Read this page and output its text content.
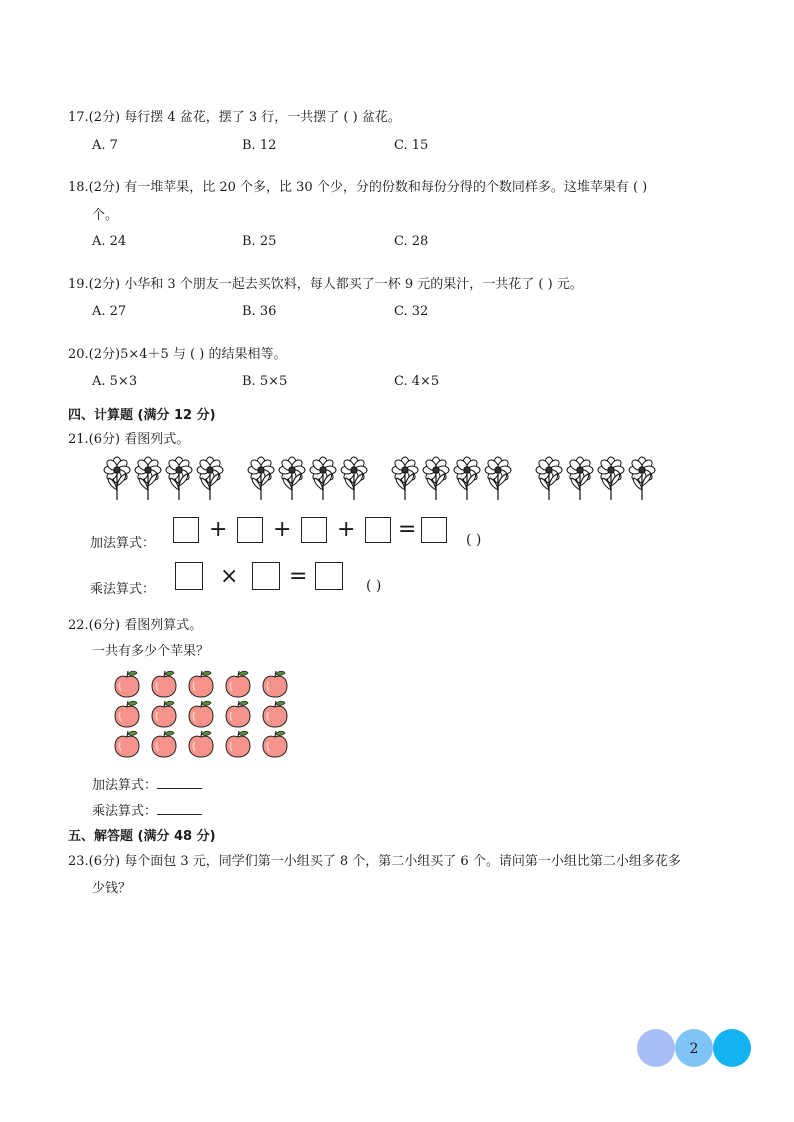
17.(2分) 每行摆 4 盆花，摆了 3 行，一共摆了 ( ) 盆花。
A. 7	B. 12	C. 15
18.(2分) 有一堆苹果，比 20 个多，比 30 个少，分的份数和每份分得的个数同样多。这堆苹果有 ( )
个。
A. 24	B. 25	C. 28
19.(2分) 小华和 3 个朋友一起去买饮料，每人都买了一杯 9 元的果汁，一共花了 ( ) 元。
A. 27	B. 36	C. 32
20.(2分)5×4＋5 与 ( ) 的结果相等。
A. 5×3	B. 5×5	C. 4×5
四、计算题 (满分 12 分)
21.(6分) 看图列式。
加法算式：
+ + + =	( )
乘法算式：
× =	( )
22.(6分) 看图列算式。
一共有多少个苹果？
加法算式：
乘法算式：
五、解答题 (满分 48 分)
23.(6分) 每个面包 3 元，同学们第一小组买了 8 个，第二小组买了 6 个。请问第一小组比第二小组多花多
少钱？
2
